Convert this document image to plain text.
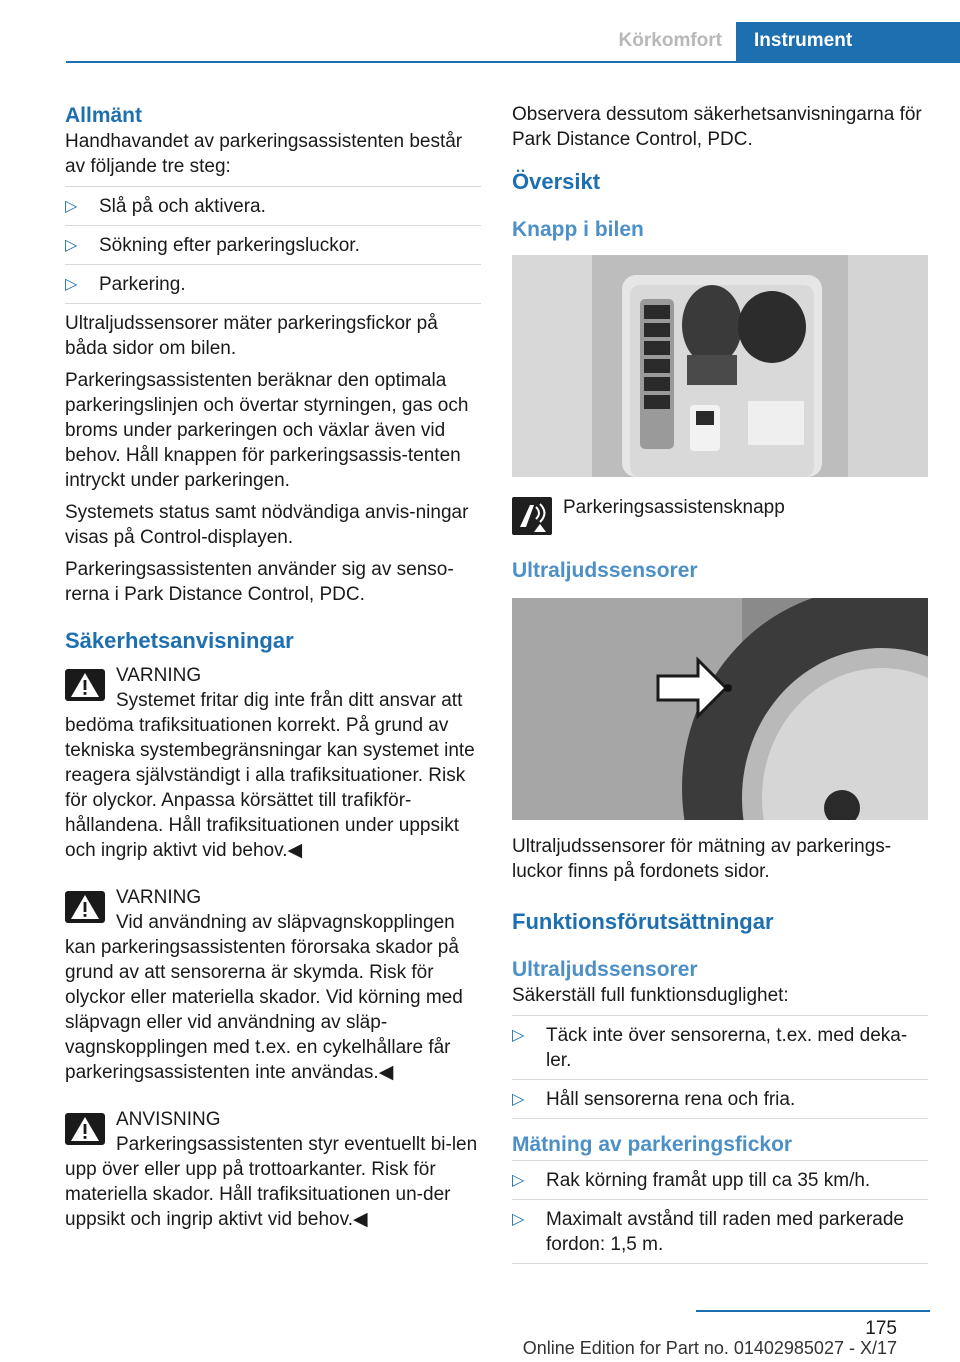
Körkomfort	Instrument
Allmänt

Handhavandet av parkeringsassistenten består av följande tre steg:

▷ Slå på och aktivera.
▷ Sökning efter parkeringsluckor.
▷ Parkering.

Ultraljudssensorer mäter parkeringsfickor på båda sidor om bilen.

Parkeringsassistenten beräknar den optimala parkeringslinjen och övertar styrningen, gas och broms under parkeringen och växlar även vid behov. Håll knappen för parkeringsassis-tenten intryckt under parkeringen.

Systemets status samt nödvändiga anvis-ningar visas på Control-displayen.

Parkeringsassistenten använder sig av senso-rerna i Park Distance Control, PDC.

Säkerhetsanvisningar
VARNING
Systemet fritar dig inte från ditt ansvar att bedöma trafiksituationen korrekt. På grund av tekniska systembegränsningar kan systemet inte reagera självständigt i alla trafiksituationer. Risk för olyckor. Anpassa körsättet till trafikför-hållandena. Håll trafiksituationen under uppsikt och ingrip aktivt vid behov.◀
VARNING
Vid användning av släpvagnskopplingen kan parkeringsassistenten förorsaka skador på grund av att sensorerna är skymda. Risk för olyckor eller materiella skador. Vid körning med släpvagn eller vid användning av släp-vagnskopplingen med t.ex. en cykelhållare får parkeringsassistenten inte användas.◀
ANVISNING
Parkeringsassistenten styr eventuellt bi-len upp över eller upp på trottoarkanter. Risk för materiella skador. Håll trafiksituationen un-der uppsikt och ingrip aktivt vid behov.◀

Observera dessutom säkerhetsanvisningarna för Park Distance Control, PDC.

Översikt
Knapp i bilen
Parkeringsassistensknapp
Ultraljudssensorer

Ultraljudssensorer för mätning av parkerings-luckor finns på fordonets sidor.

Funktionsförutsättningar
Ultraljudssensorer

Säkerställ full funktionsduglighet:

▷ Täck inte över sensorerna, t.ex. med deka-ler.
▷ Håll sensorerna rena och fria.
Mätning av parkeringsfickor
▷ Rak körning framåt upp till ca 35 km/h.
▷ Maximalt avstånd till raden med parkerade fordon: 1,5 m.
175
Online Edition for Part no. 01402985027 - X/17
